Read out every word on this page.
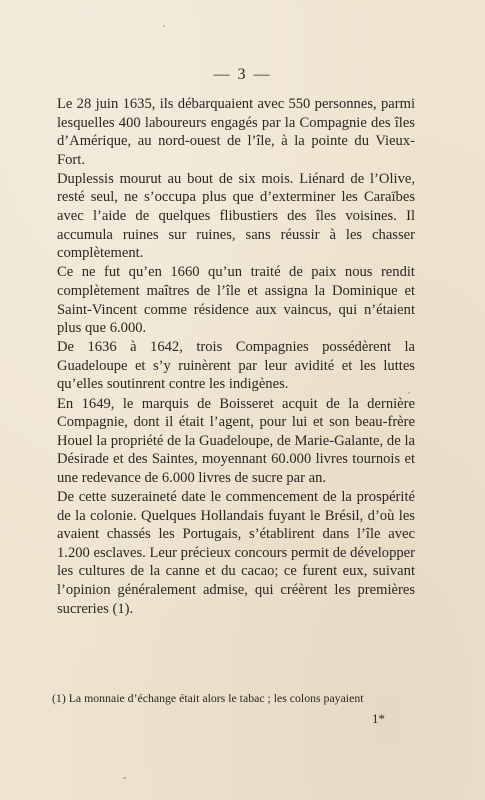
— 3 —

Le 28 juin 1635, ils débarquaient avec 550 personnes, parmi lesquelles 400 laboureurs engagés par la Compagnie des îles d’Amérique, au nord-ouest de l’île, à la pointe du Vieux-Fort.

Duplessis mourut au bout de six mois. Liénard de l’Olive, resté seul, ne s’occupa plus que d’exterminer les Caraïbes avec l’aide de quelques flibustiers des îles voisines. Il accumula ruines sur ruines, sans réussir à les chasser complètement.

Ce ne fut qu’en 1660 qu’un traité de paix nous rendit complètement maîtres de l’île et assigna la Dominique et Saint-Vincent comme résidence aux vaincus, qui n’étaient plus que 6.000.

De 1636 à 1642, trois Compagnies possédèrent la Guadeloupe et s’y ruinèrent par leur avidité et les luttes qu’elles soutinrent contre les indigènes.

En 1649, le marquis de Boisseret acquit de la dernière Compagnie, dont il était l’agent, pour lui et son beau-frère Houel la propriété de la Guadeloupe, de Marie-Galante, de la Désirade et des Saintes, moyennant 60.000 livres tournois et une redevance de 6.000 livres de sucre par an.

De cette suzeraineté date le commencement de la prospérité de la colonie. Quelques Hollandais fuyant le Brésil, d’où les avaient chassés les Portugais, s’établirent dans l’île avec 1.200 esclaves. Leur précieux concours permit de développer les cultures de la canne et du cacao; ce furent eux, suivant l’opinion généralement admise, qui créèrent les premières sucreries (1).

(1) La monnaie d’échange était alors le tabac ; les colons payaient
1*
